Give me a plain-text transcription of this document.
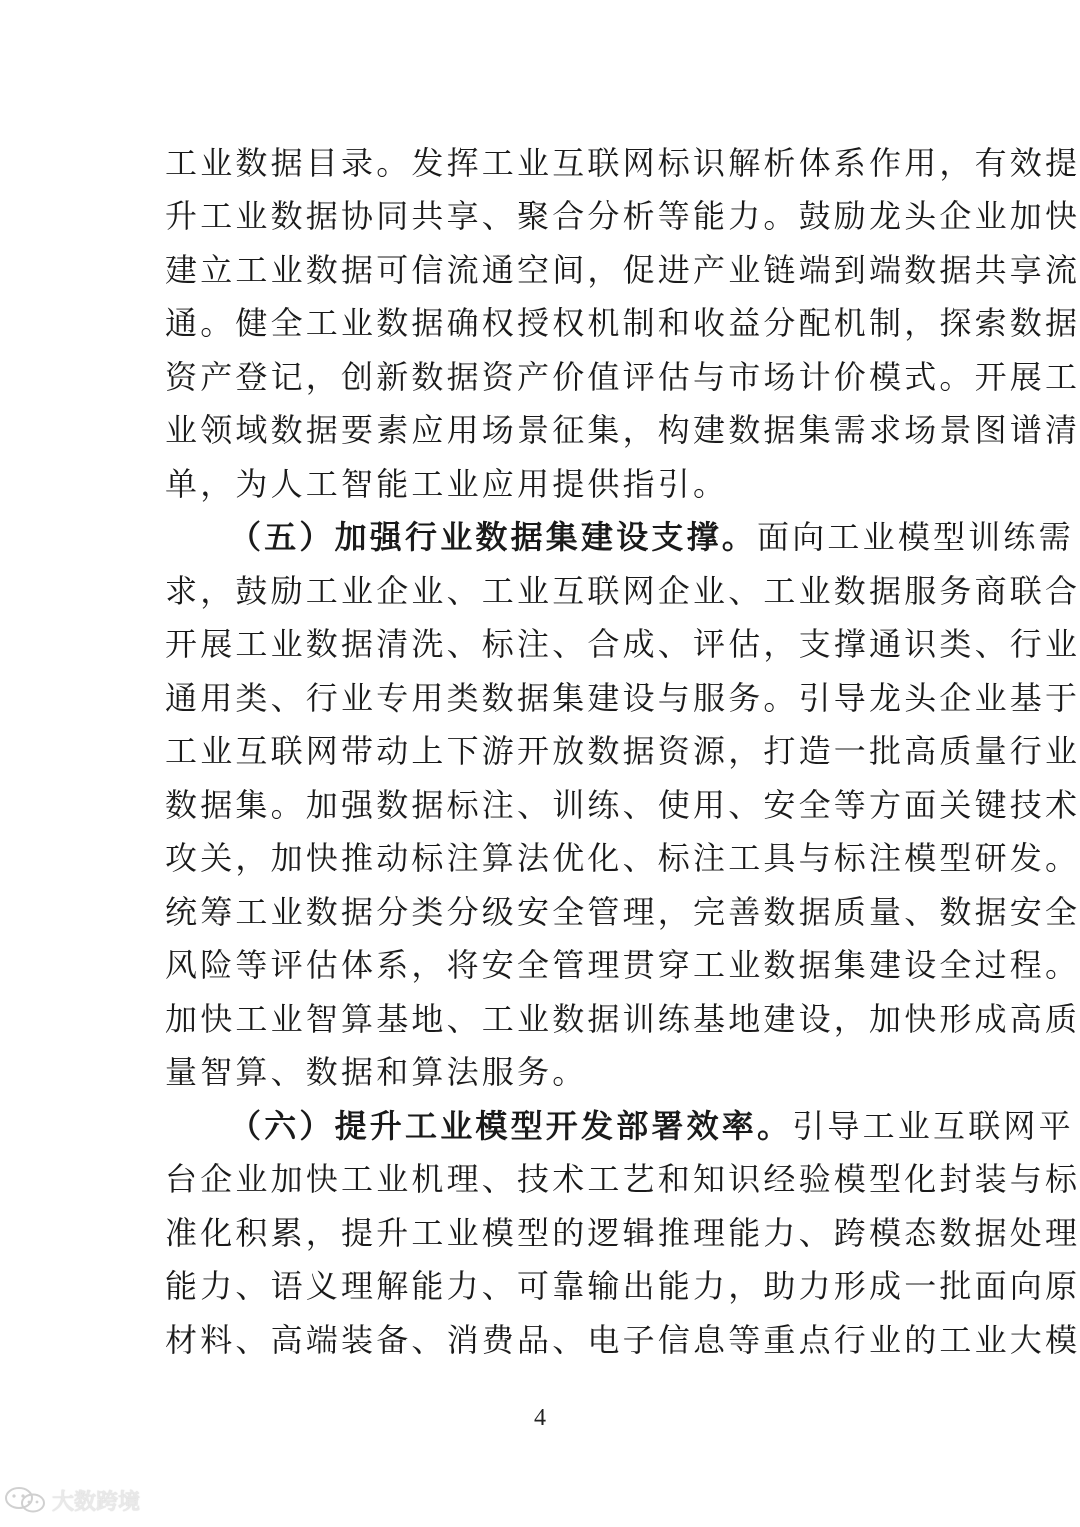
工业数据目录。发挥工业互联网标识解析体系作用，有效提
升工业数据协同共享、聚合分析等能力。鼓励龙头企业加快
建立工业数据可信流通空间，促进产业链端到端数据共享流
通。健全工业数据确权授权机制和收益分配机制，探索数据
资产登记，创新数据资产价值评估与市场计价模式。开展工
业领域数据要素应用场景征集，构建数据集需求场景图谱清
单，为人工智能工业应用提供指引。
（五）加强行业数据集建设支撑。面向工业模型训练需
求，鼓励工业企业、工业互联网企业、工业数据服务商联合
开展工业数据清洗、标注、合成、评估，支撑通识类、行业
通用类、行业专用类数据集建设与服务。引导龙头企业基于
工业互联网带动上下游开放数据资源，打造一批高质量行业
数据集。加强数据标注、训练、使用、安全等方面关键技术
攻关，加快推动标注算法优化、标注工具与标注模型研发。
统筹工业数据分类分级安全管理，完善数据质量、数据安全
风险等评估体系，将安全管理贯穿工业数据集建设全过程。
加快工业智算基地、工业数据训练基地建设，加快形成高质
量智算、数据和算法服务。
（六）提升工业模型开发部署效率。引导工业互联网平
台企业加快工业机理、技术工艺和知识经验模型化封装与标
准化积累，提升工业模型的逻辑推理能力、跨模态数据处理
能力、语义理解能力、可靠输出能力，助力形成一批面向原
材料、高端装备、消费品、电子信息等重点行业的工业大模
4
大数跨境
